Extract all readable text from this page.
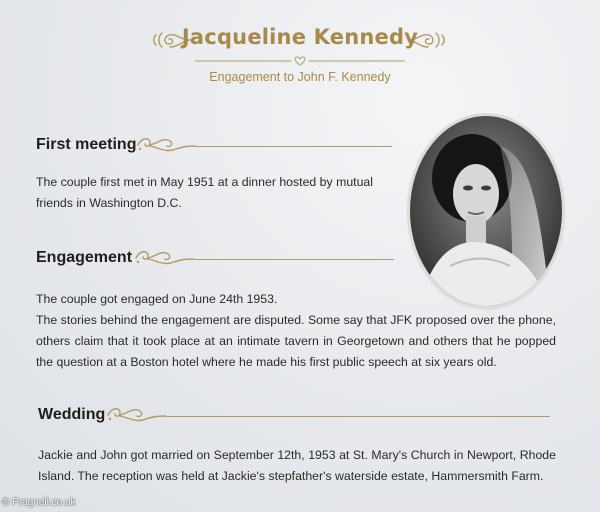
Jacqueline Kennedy
Engagement to John F. Kennedy
First meeting
The couple first met in May 1951 at a dinner hosted by mutual friends in Washington D.C.
Engagement
The couple got engaged on June 24th 1953.
The stories behind the engagement are disputed. Some say that JFK proposed over the phone, others claim that it took place at an intimate tavern in Georgetown and others that he popped the question at a Boston hotel where he made his first public speech at six years old.
Wedding
Jackie and John got married on September 12th, 1953 at St. Mary's Church in Newport, Rhode Island. The reception was held at Jackie's stepfather's waterside estate, Hammersmith Farm.
© Pragnell.co.uk
